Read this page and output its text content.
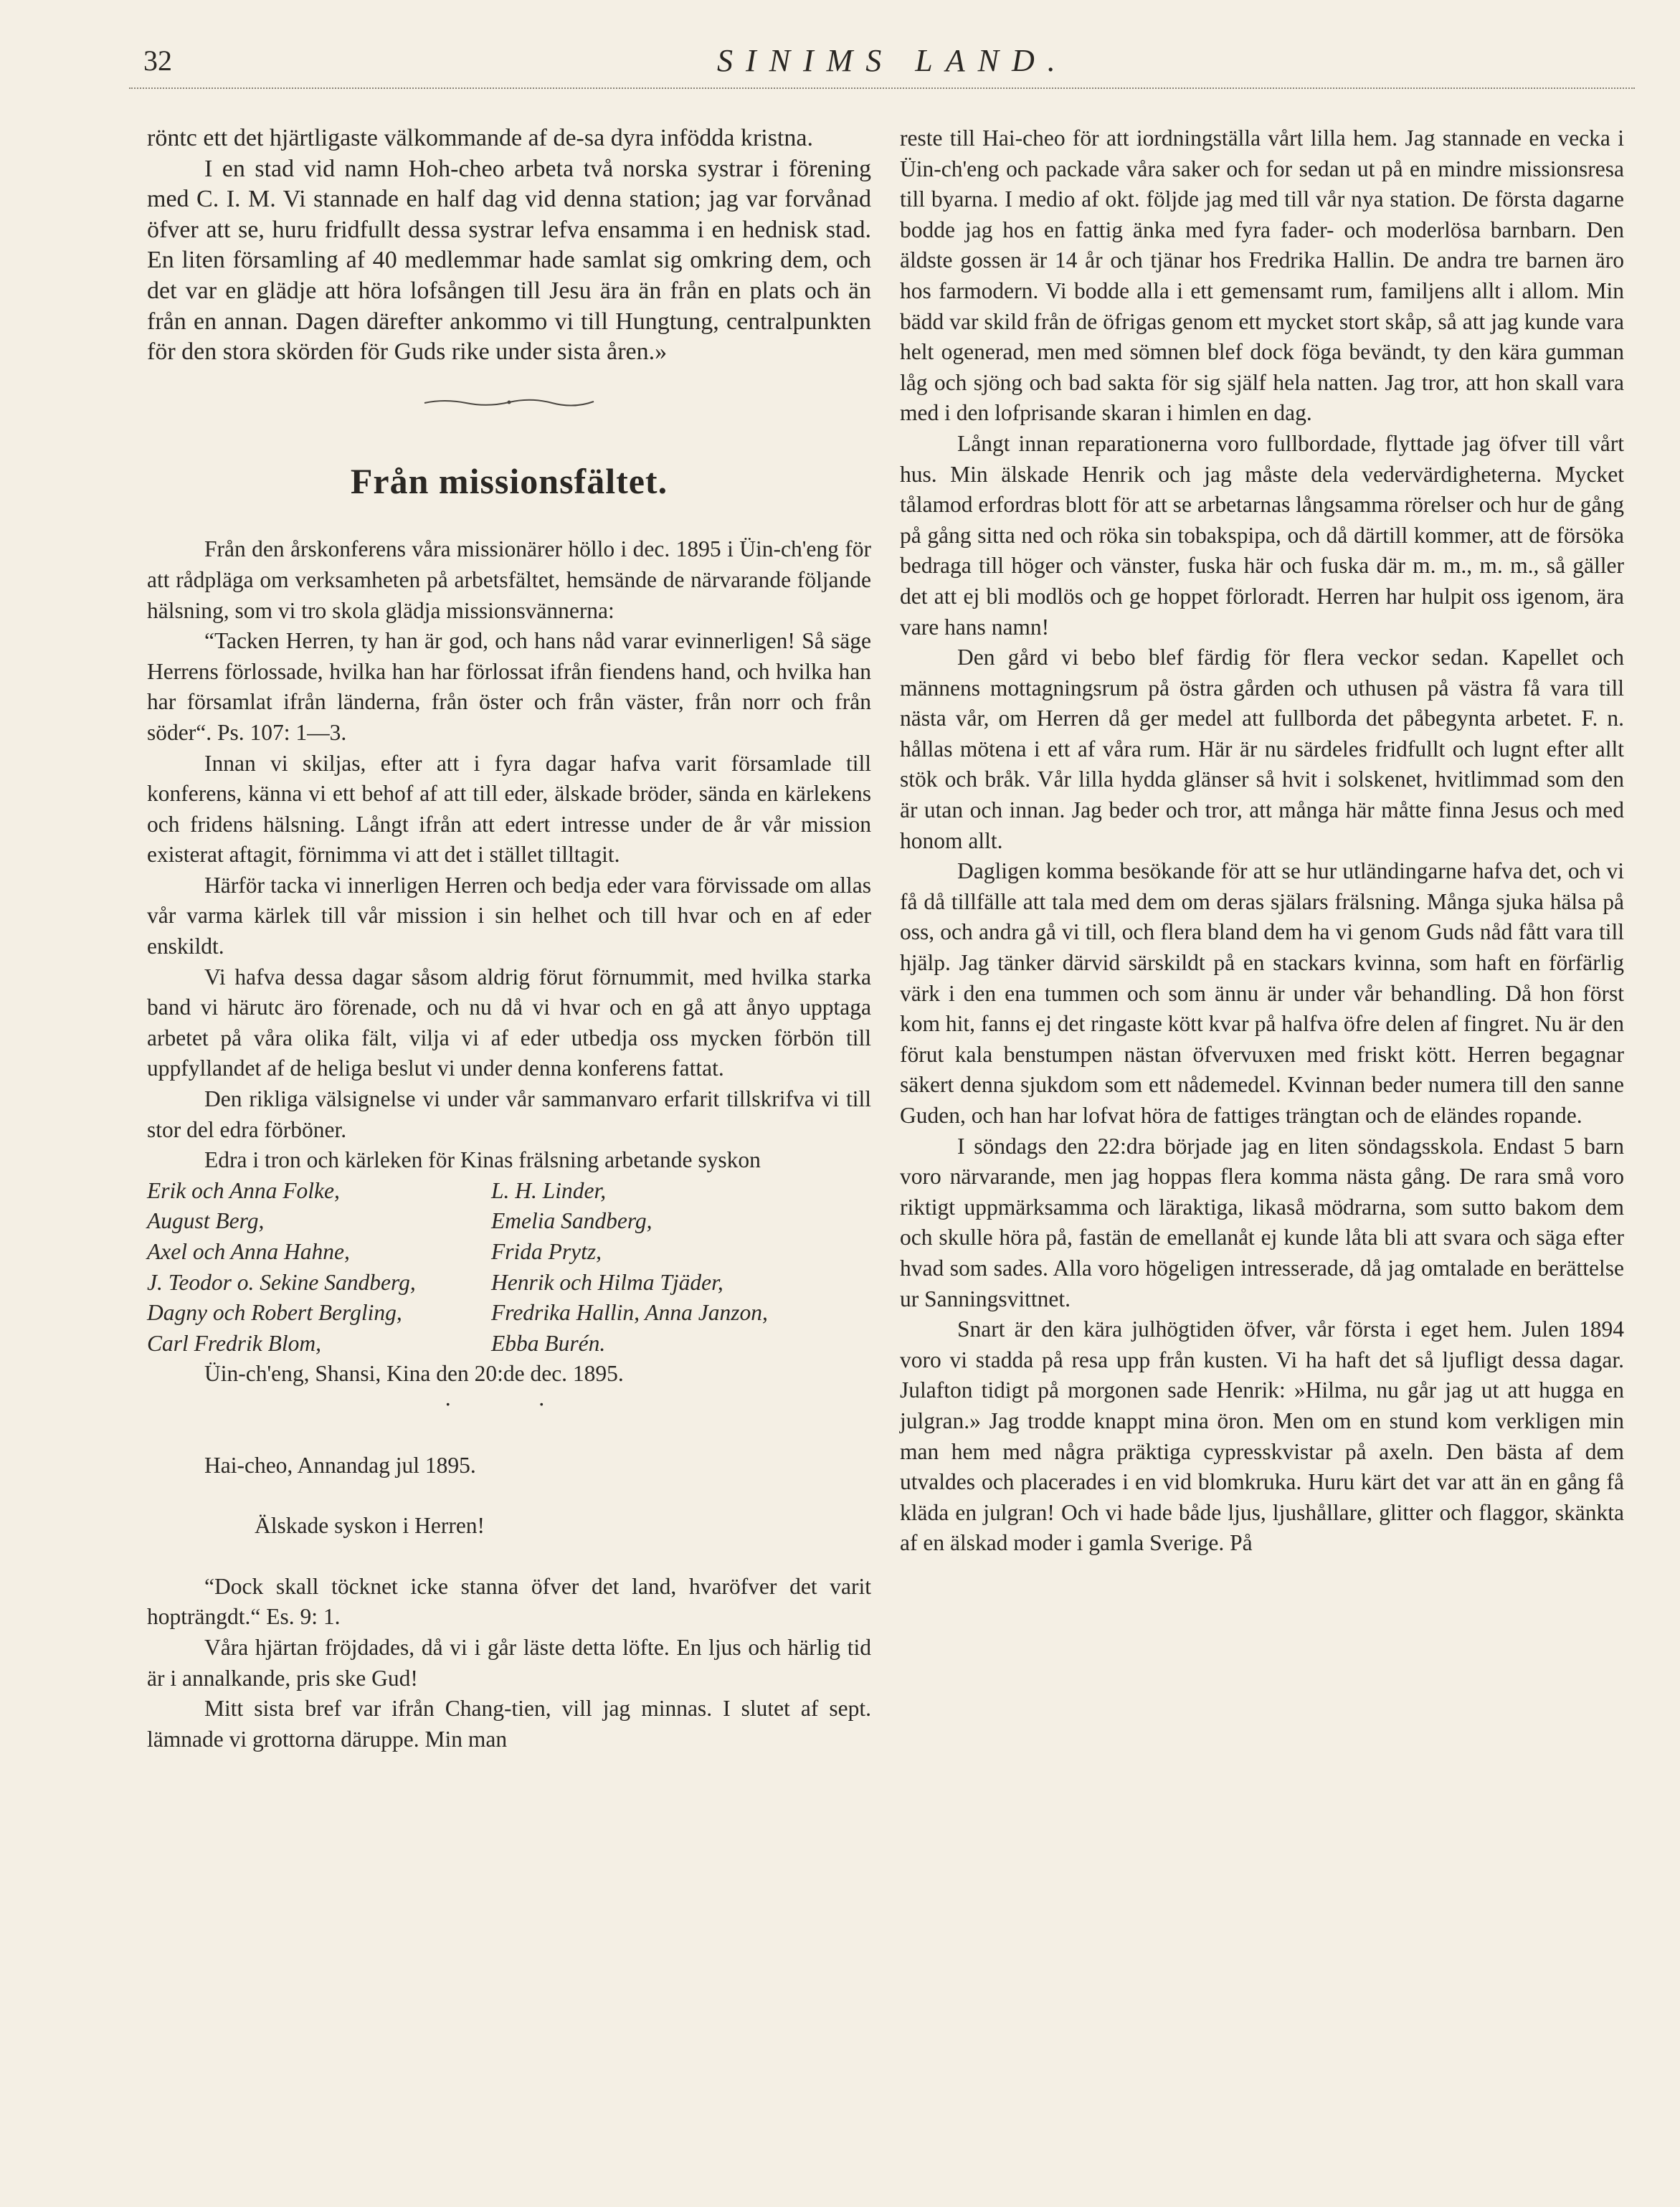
32	SINIMS LAND.

röntc ett det hjärtligaste välkommande af de-sa dyra infödda kristna.

I en stad vid namn Hoh-cheo arbeta två norska systrar i förening med C. I. M. Vi stannade en half dag vid denna station; jag var forvånad öfver att se, huru fridfullt dessa systrar lefva ensamma i en hednisk stad. En liten församling af 40 medlemmar hade samlat sig omkring dem, och det var en glädje att höra lofsången till Jesu ära än från en plats och än från en annan. Dagen därefter ankommo vi till Hungtung, centralpunkten för den stora skörden för Guds rike under sista åren.»

Från missionsfältet.

Från den årskonferens våra missionärer höllo i dec. 1895 i Üin-ch'eng för att rådpläga om verksamheten på arbetsfältet, hemsände de närvarande följande hälsning, som vi tro skola glädja missionsvännerna:

“Tacken Herren, ty han är god, och hans nåd varar evinnerligen! Så säge Herrens förlossade, hvilka han har förlossat ifrån fiendens hand, och hvilka han har församlat ifrån länderna, från öster och från väster, från norr och från söder“. Ps. 107: 1—3.

Innan vi skiljas, efter att i fyra dagar hafva varit församlade till konferens, känna vi ett behof af att till eder, älskade bröder, sända en kärlekens och fridens hälsning. Långt ifrån att edert intresse under de år vår mission existerat aftagit, förnimma vi att det i stället tilltagit.

Härför tacka vi innerligen Herren och bedja eder vara förvissade om allas vår varma kärlek till vår mission i sin helhet och till hvar och en af eder enskildt.

Vi hafva dessa dagar såsom aldrig förut förnummit, med hvilka starka band vi härutc äro förenade, och nu då vi hvar och en gå att ånyo upptaga arbetet på våra olika fält, vilja vi af eder utbedja oss mycken förbön till uppfyllandet af de heliga beslut vi under denna konferens fattat.

Den rikliga välsignelse vi under vår sammanvaro erfarit tillskrifva vi till stor del edra förböner.

Edra i tron och kärleken för Kinas frälsning arbetande syskon

Erik och Anna Folke,	L. H. Linder,
August Berg,	Emelia Sandberg,
Axel och Anna Hahne,	Frida Prytz,
J. Teodor o. Sekine Sandberg,	Henrik och Hilma Tjäder,
Dagny och Robert Bergling,	Fredrika Hallin, Anna Janzon,
Carl Fredrik Blom,	Ebba Burén.

Üin-ch'eng, Shansi, Kina den 20:de dec. 1895.

··

Hai-cheo, Annandag jul 1895.

Älskade syskon i Herren!

“Dock skall töcknet icke stanna öfver det land, hvaröfver det varit hopträngdt.“ Es. 9: 1.

Våra hjärtan fröjdades, då vi i går läste detta löfte. En ljus och härlig tid är i annalkande, pris ske Gud!

Mitt sista bref var ifrån Chang-tien, vill jag minnas. I slutet af sept. lämnade vi grottorna däruppe. Min man

reste till Hai-cheo för att iordningställa vårt lilla hem. Jag stannade en vecka i Üin-ch'eng och packade våra saker och for sedan ut på en mindre missionsresa till byarna. I medio af okt. följde jag med till vår nya station. De första dagarne bodde jag hos en fattig änka med fyra fader- och moderlösa barnbarn. Den äldste gossen är 14 år och tjänar hos Fredrika Hallin. De andra tre barnen äro hos farmodern. Vi bodde alla i ett gemensamt rum, familjens allt i allom. Min bädd var skild från de öfrigas genom ett mycket stort skåp, så att jag kunde vara helt ogenerad, men med sömnen blef dock föga bevändt, ty den kära gumman låg och sjöng och bad sakta för sig själf hela natten. Jag tror, att hon skall vara med i den lofprisande skaran i himlen en dag.

Långt innan reparationerna voro fullbordade, flyttade jag öfver till vårt hus. Min älskade Henrik och jag måste dela vedervärdigheterna. Mycket tålamod erfordras blott för att se arbetarnas långsamma rörelser och hur de gång på gång sitta ned och röka sin tobakspipa, och då därtill kommer, att de försöka bedraga till höger och vänster, fuska här och fuska där m. m., m. m., så gäller det att ej bli modlös och ge hoppet förloradt. Herren har hulpit oss igenom, ära vare hans namn!

Den gård vi bebo blef färdig för flera veckor sedan. Kapellet och männens mottagningsrum på östra gården och uthusen på västra få vara till nästa vår, om Herren då ger medel att fullborda det påbegynta arbetet. F. n. hållas mötena i ett af våra rum. Här är nu särdeles fridfullt och lugnt efter allt stök och bråk. Vår lilla hydda glänser så hvit i solskenet, hvitlimmad som den är utan och innan. Jag beder och tror, att många här måtte finna Jesus och med honom allt.

Dagligen komma besökande för att se hur utländingarne hafva det, och vi få då tillfälle att tala med dem om deras själars frälsning. Många sjuka hälsa på oss, och andra gå vi till, och flera bland dem ha vi genom Guds nåd fått vara till hjälp. Jag tänker därvid särskildt på en stackars kvinna, som haft en förfärlig värk i den ena tummen och som ännu är under vår behandling. Då hon först kom hit, fanns ej det ringaste kött kvar på halfva öfre delen af fingret. Nu är den förut kala benstumpen nästan öfvervuxen med friskt kött. Herren begagnar säkert denna sjukdom som ett nådemedel. Kvinnan beder numera till den sanne Guden, och han har lofvat höra de fattiges trängtan och de eländes ropande.

I söndags den 22:dra började jag en liten söndagsskola. Endast 5 barn voro närvarande, men jag hoppas flera komma nästa gång. De rara små voro riktigt uppmärksamma och läraktiga, likaså mödrarna, som sutto bakom dem och skulle höra på, fastän de emellanåt ej kunde låta bli att svara och säga efter hvad som sades. Alla voro högeligen intresserade, då jag omtalade en berättelse ur Sanningsvittnet.

Snart är den kära julhögtiden öfver, vår första i eget hem. Julen 1894 voro vi stadda på resa upp från kusten. Vi ha haft det så ljufligt dessa dagar. Julafton tidigt på morgonen sade Henrik: »Hilma, nu går jag ut att hugga en julgran.» Jag trodde knappt mina öron. Men om en stund kom verkligen min man hem med några präktiga cypresskvistar på axeln. Den bästa af dem utvaldes och placerades i en vid blomkruka. Huru kärt det var att än en gång få kläda en julgran! Och vi hade både ljus, ljushållare, glitter och flaggor, skänkta af en älskad moder i gamla Sverige. På
